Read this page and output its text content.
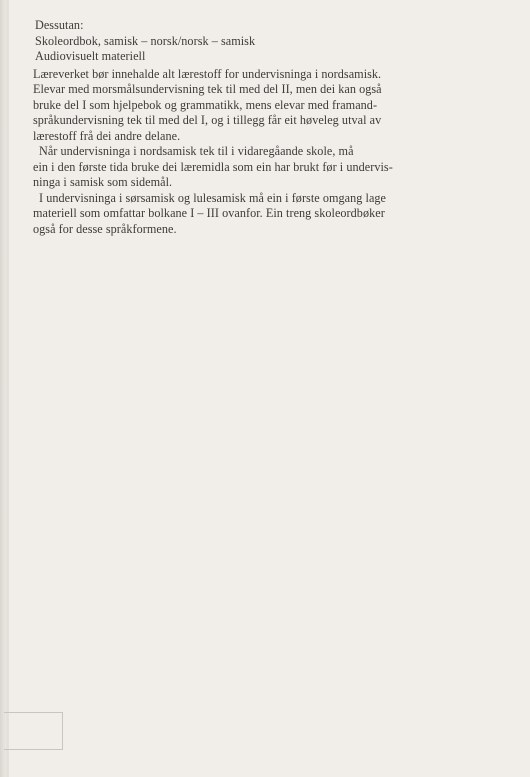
Dessutan:
Skoleordbok, samisk – norsk/norsk – samisk
Audiovisuelt materiell

Læreverket bør innehalde alt lærestoff for undervisninga i nordsamisk.
Elevar med morsmålsundervisning tek til med del II, men dei kan også
bruke del I som hjelpebok og grammatikk, mens elevar med framand-
språkundervisning tek til med del I, og i tillegg får eit høveleg utval av
lærestoff frå dei andre delane.

Når undervisninga i nordsamisk tek til i vidaregåande skole, må
ein i den første tida bruke dei læremidla som ein har brukt før i undervis-
ninga i samisk som sidemål.

I undervisninga i sørsamisk og lulesamisk må ein i første omgang lage
materiell som omfattar bolkane I – III ovanfor. Ein treng skoleordbøker
også for desse språkformene.
